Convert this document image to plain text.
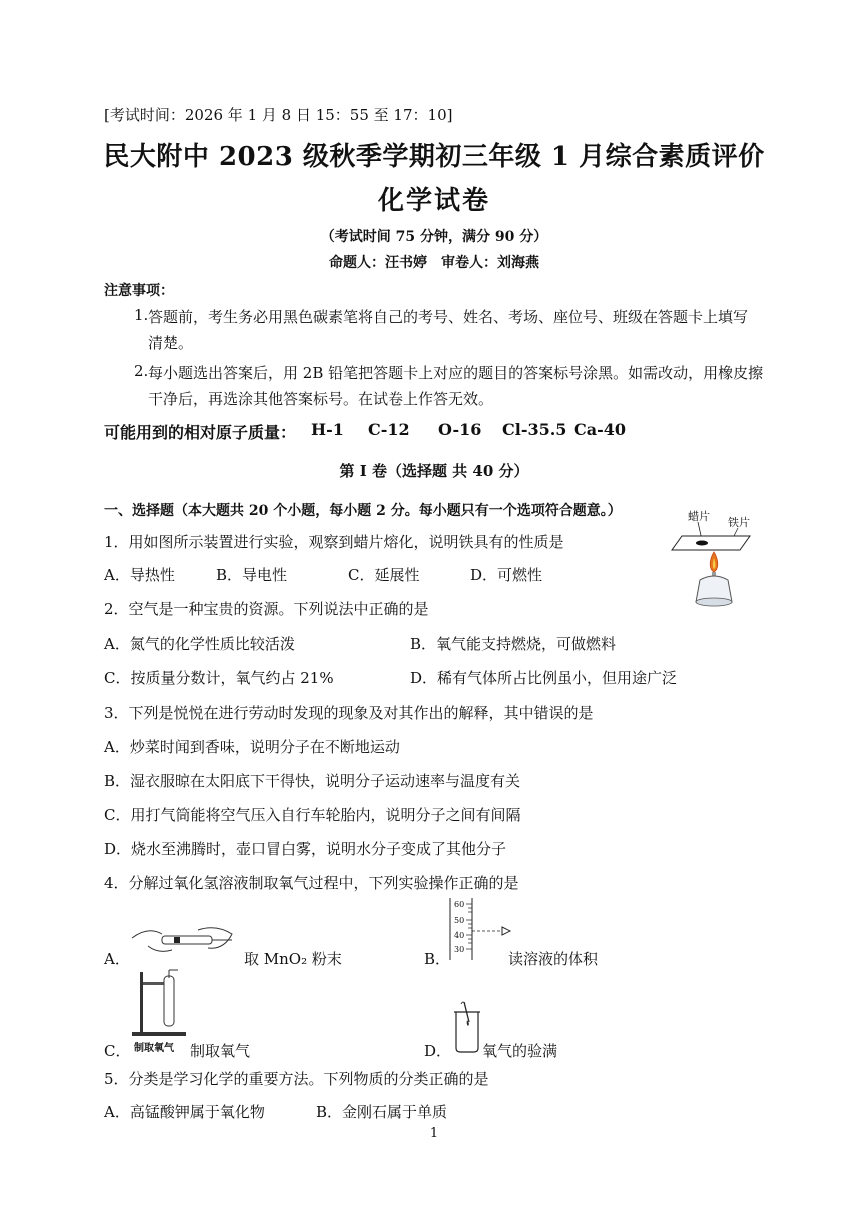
[考试时间：2026 年 1 月 8 日 15：55 至 17：10]
民大附中 2023 级秋季学期初三年级 1 月综合素质评价
化学试卷
（考试时间 75 分钟，满分 90 分）
命题人：汪书婷　审卷人：刘海燕
注意事项：
1. 答题前，考生务必用黑色碳素笔将自己的考号、姓名、考场、座位号、班级在答题卡上填写
清楚。
2. 每小题选出答案后，用 2B 铅笔把答题卡上对应的题目的答案标号涂黑。如需改动，用橡皮擦
干净后，再选涂其他答案标号。在试卷上作答无效。
可能用到的相对原子质量： H-1 C-12 O-16 Cl-35.5 Ca-40
第 I 卷（选择题 共 40 分）
一、选择题（本大题共 20 个小题，每小题 2 分。每小题只有一个选项符合题意。）
1．用如图所示装置进行实验，观察到蜡片熔化，说明铁具有的性质是
A．导热性	B．导电性	C．延展性	D．可燃性
蜡片 铁片
2．空气是一种宝贵的资源。下列说法中正确的是
A．氮气的化学性质比较活泼	B．氧气能支持燃烧，可做燃料
C．按质量分数计，氧气约占 21%	D．稀有气体所占比例虽小，但用途广泛
3．下列是悦悦在进行劳动时发现的现象及对其作出的解释，其中错误的是
A．炒菜时闻到香味，说明分子在不断地运动
B．湿衣服晾在太阳底下干得快，说明分子运动速率与温度有关
C．用打气筒能将空气压入自行车轮胎内，说明分子之间有间隔
D．烧水至沸腾时，壶口冒白雾，说明水分子变成了其他分子
4．分解过氧化氢溶液制取氧气过程中，下列实验操作正确的是
A．	取 MnO₂ 粉末	B．
60
50
40
30
读溶液的体积
C． 制取氧气 制取氧气	D． 氧气的验满
5．分类是学习化学的重要方法。下列物质的分类正确的是
A．高锰酸钾属于氧化物	B．金刚石属于单质
1
